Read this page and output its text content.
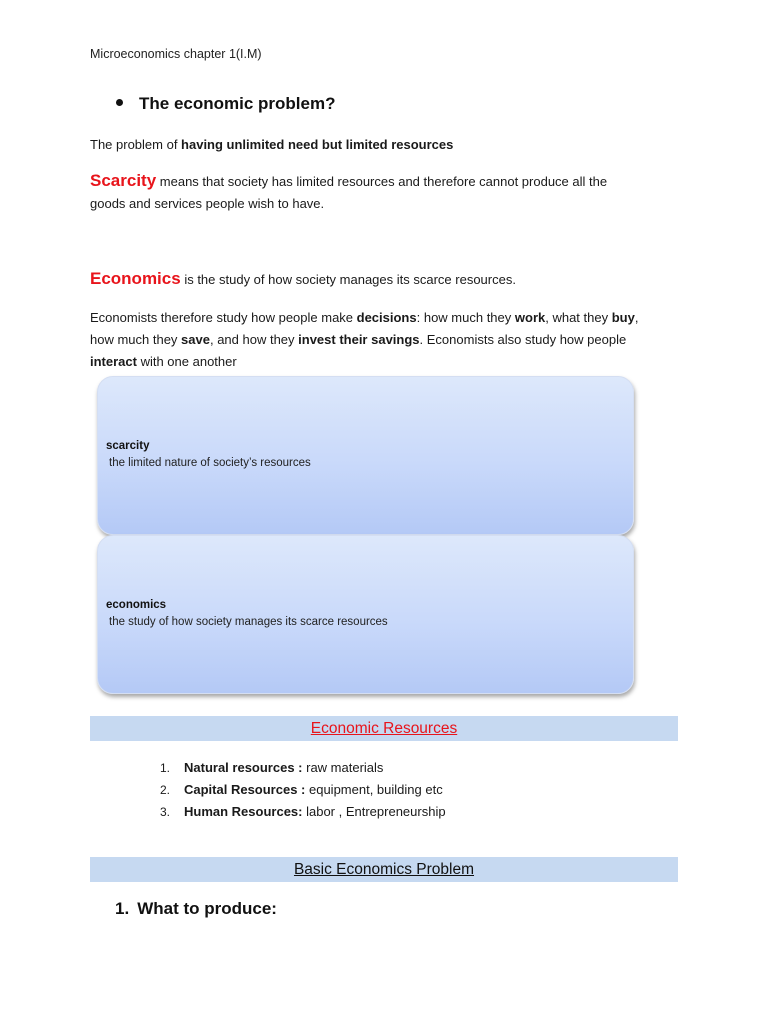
Microeconomics chapter 1(I.M)
The economic problem?
The problem of having unlimited need but limited resources
Scarcity means that society has limited resources and therefore cannot produce all the
goods and services people wish to have.
Economics is the study of how society manages its scarce resources.
Economists therefore study how people make decisions: how much they work, what they buy,
how much they save, and how they invest their savings. Economists also study how people
interact with one another
scarcity
the limited nature of society’s resources
economics
the study of how society manages its scarce resources
Economic Resources
1.	Natural resources : raw materials
2.	Capital Resources : equipment, building etc
3.	Human Resources: labor , Entrepreneurship
Basic Economics Problem
1. What to produce:
